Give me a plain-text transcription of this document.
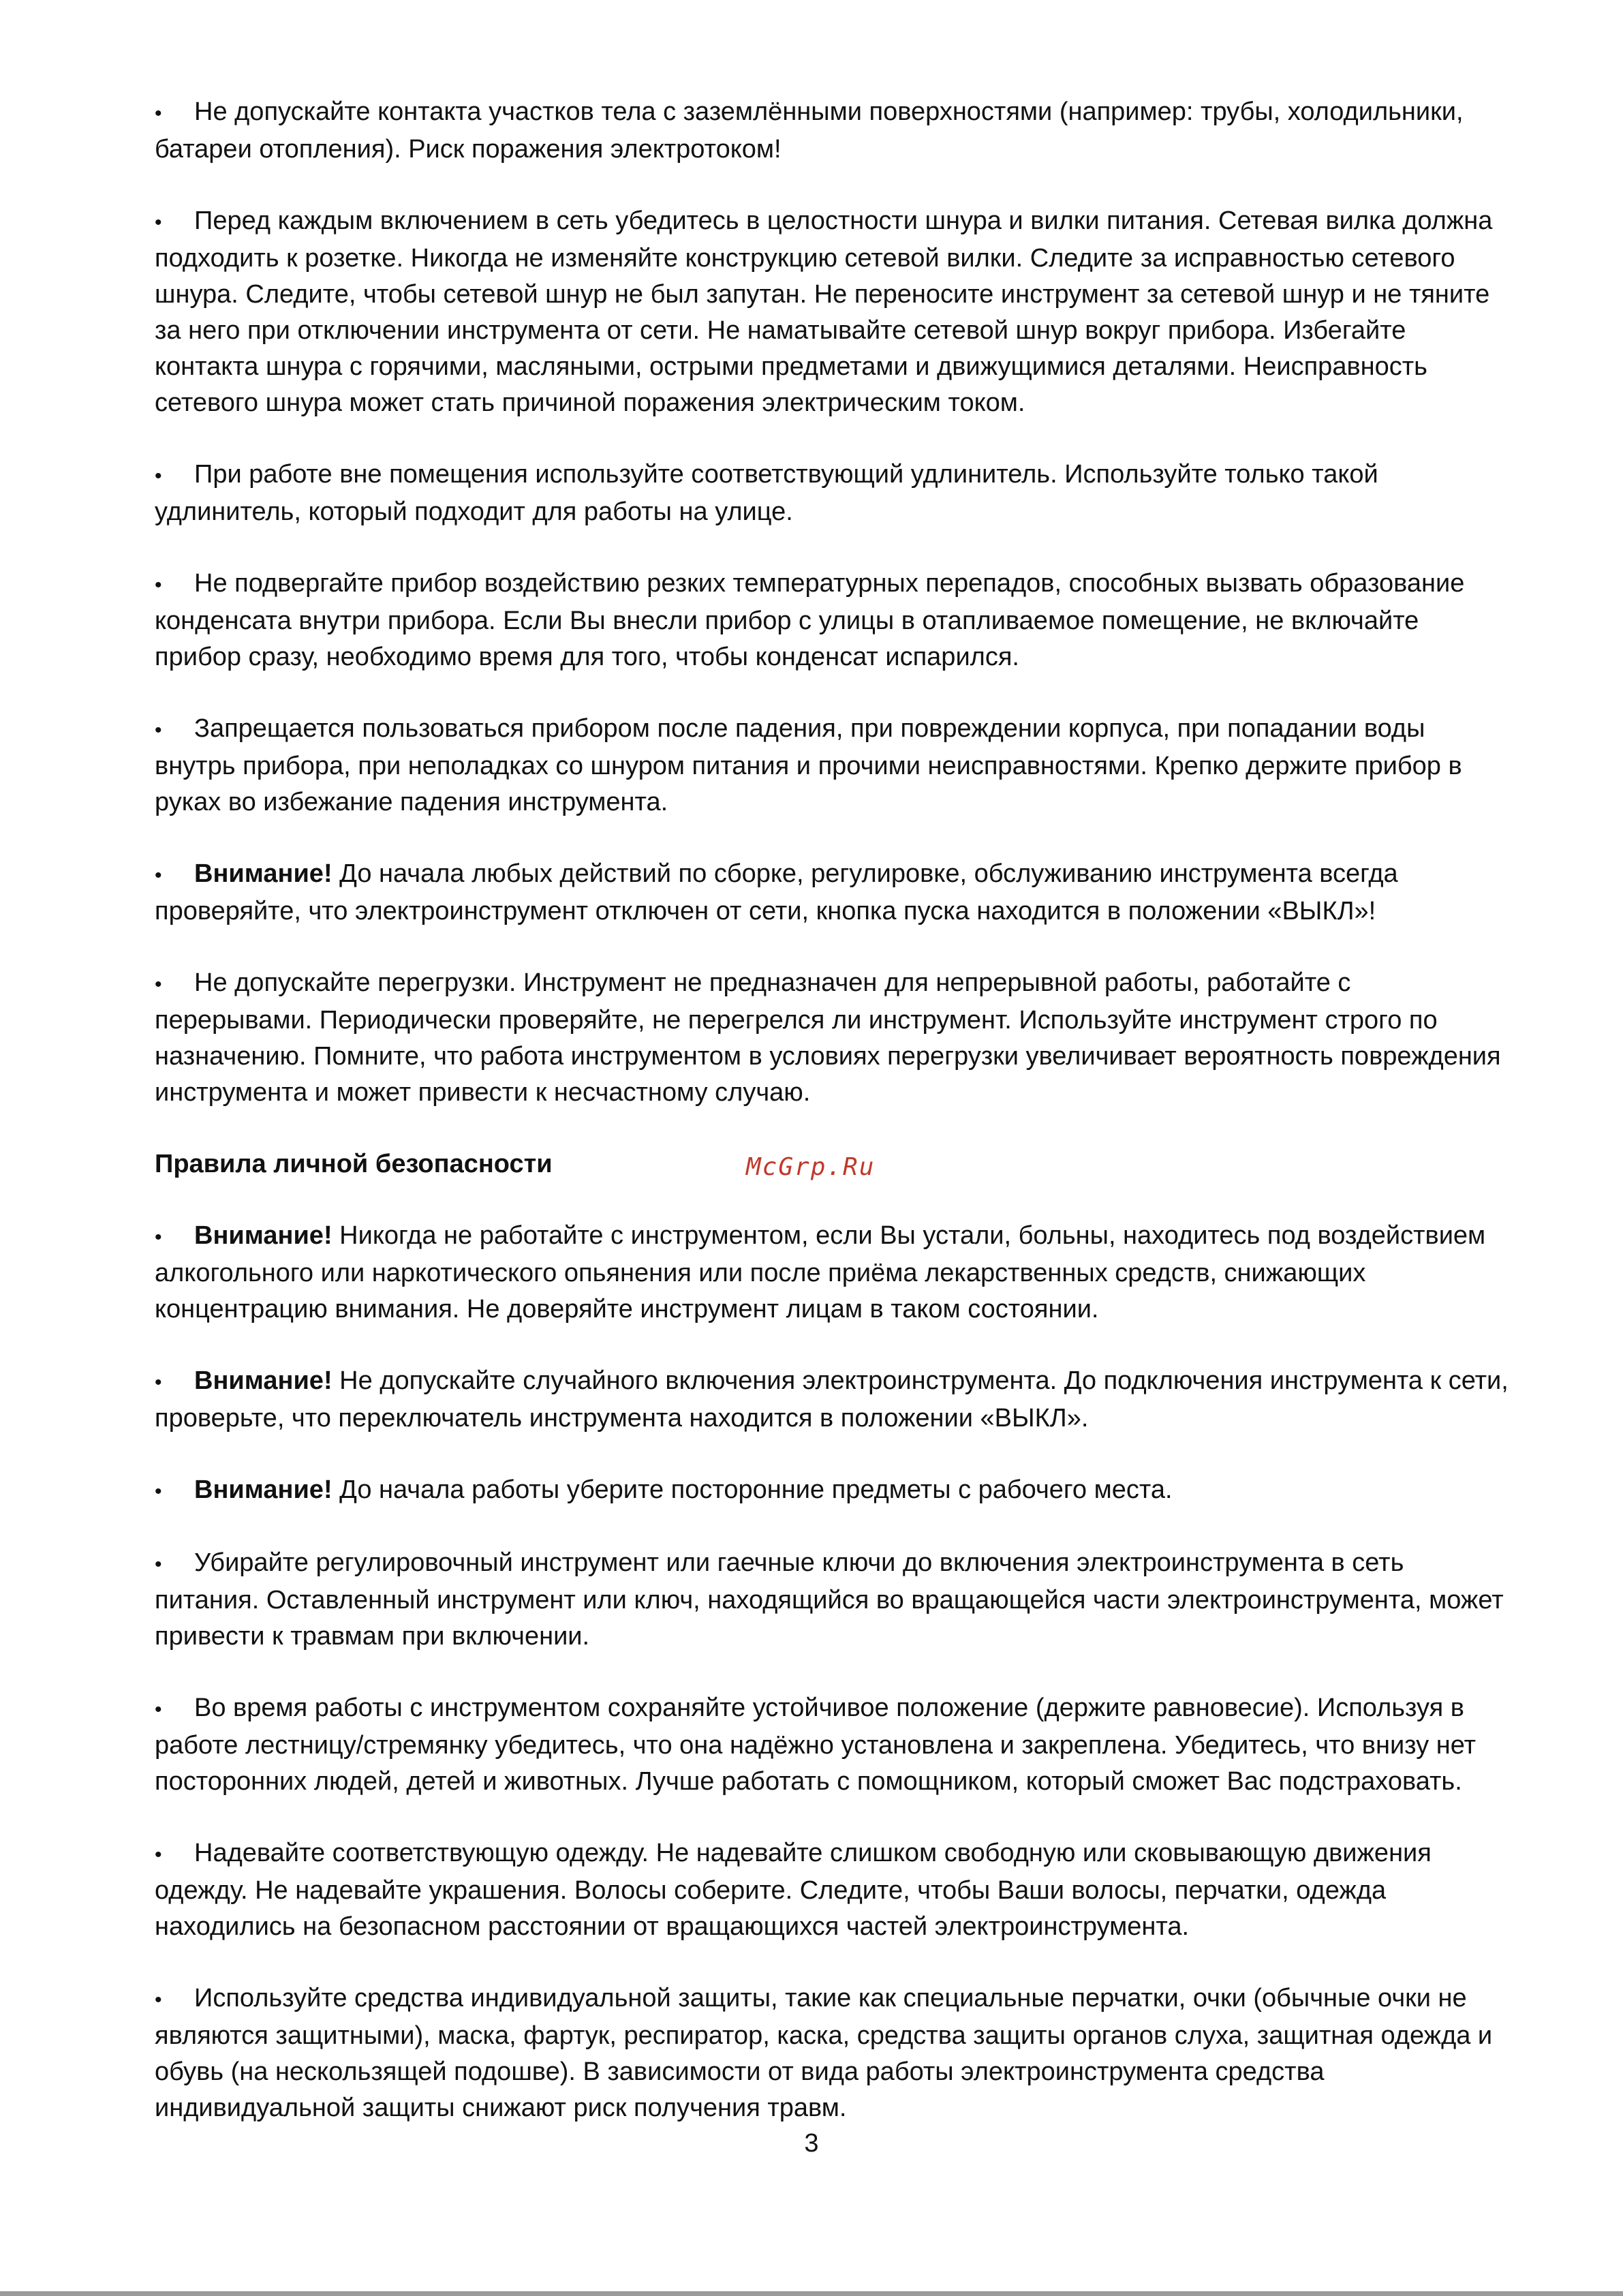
• Не допускайте контакта участков тела с заземлёнными поверхностями (например: трубы, холодильники, батареи отопления). Риск поражения электротоком!

• Перед каждым включением в сеть убедитесь в целостности шнура и вилки питания. Сетевая вилка должна подходить к розетке. Никогда не изменяйте конструкцию сетевой вилки. Следите за исправностью сетевого шнура. Следите, чтобы сетевой шнур не был запутан. Не переносите инструмент за сетевой шнур и не тяните за него при отключении инструмента от сети. Не наматывайте сетевой шнур вокруг прибора. Избегайте контакта шнура с горячими, масляными, острыми предметами и движущимися деталями. Неисправность сетевого шнура может стать причиной поражения электрическим током.

• При работе вне помещения используйте соответствующий удлинитель. Используйте только такой удлинитель, который подходит для работы на улице.

• Не подвергайте прибор воздействию резких температурных перепадов, способных вызвать образование конденсата внутри прибора. Если Вы внесли прибор с улицы в отапливаемое помещение, не включайте прибор сразу, необходимо время для того, чтобы конденсат испарился.

• Запрещается пользоваться прибором после падения, при повреждении корпуса, при попадании воды внутрь прибора, при неполадках со шнуром питания и прочими неисправностями. Крепко держите прибор в руках во избежание падения инструмента.

• Внимание! До начала любых действий по сборке, регулировке, обслуживанию инструмента всегда проверяйте, что электроинструмент отключен от сети, кнопка пуска находится в положении «ВЫКЛ»!

• Не допускайте перегрузки. Инструмент не предназначен для непрерывной работы, работайте с перерывами. Периодически проверяйте, не перегрелся ли инструмент. Используйте инструмент строго по назначению. Помните, что работа инструментом в условиях перегрузки увеличивает вероятность повреждения инструмента и может привести к несчастному случаю.

Правила личной безопасности	McGrp.Ru

• Внимание! Никогда не работайте с инструментом, если Вы устали, больны, находитесь под воздействием алкогольного или наркотического опьянения или после приёма лекарственных средств, снижающих концентрацию внимания. Не доверяйте инструмент лицам в таком состоянии.

• Внимание! Не допускайте случайного включения электроинструмента. До подключения инструмента к сети, проверьте, что переключатель инструмента находится в положении «ВЫКЛ».

• Внимание! До начала работы уберите посторонние предметы с рабочего места.

• Убирайте регулировочный инструмент или гаечные ключи до включения электроинструмента в сеть питания. Оставленный инструмент или ключ, находящийся во вращающейся части электроинструмента, может привести к травмам при включении.

• Во время работы с инструментом сохраняйте устойчивое положение (держите равновесие). Используя в работе лестницу/стремянку убедитесь, что она надёжно установлена и закреплена. Убедитесь, что внизу нет посторонних людей, детей и животных. Лучше работать с помощником, который сможет Вас подстраховать.

• Надевайте соответствующую одежду. Не надевайте слишком свободную или сковывающую движения одежду. Не надевайте украшения. Волосы соберите. Следите, чтобы Ваши волосы, перчатки, одежда находились на безопасном расстоянии от вращающихся частей электроинструмента.

• Используйте средства индивидуальной защиты, такие как специальные перчатки, очки (обычные очки не являются защитными), маска, фартук, респиратор, каска, средства защиты органов слуха, защитная одежда и обувь (на нескользящей подошве). В зависимости от вида работы электроинструмента средства индивидуальной защиты снижают риск получения травм.

3
